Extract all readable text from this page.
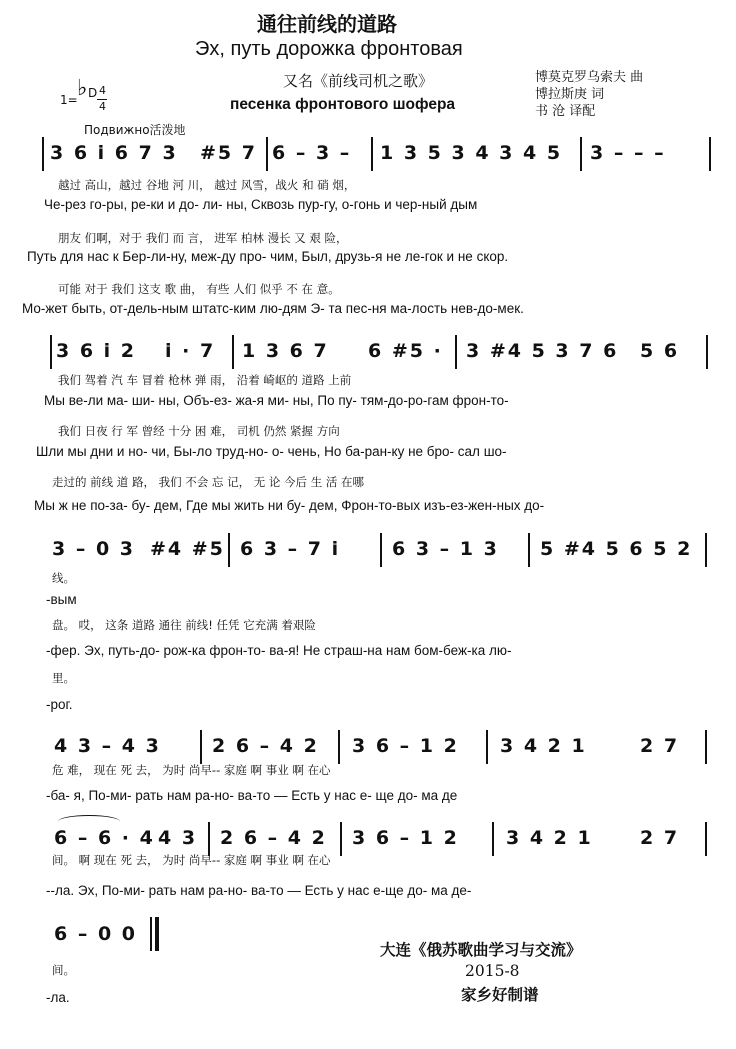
通往前线的道路
Эх, путь дорожка фронтовая
又名《前线司机之歌》
песенка фронтового шофера
博莫克罗乌索夫 曲
博拉斯庚 词
书 沧 译配
1= ♭ D 4
4
Подвижно活泼地
3 6 i 6 7 3 #5 7 6 – 3 – 1 3 5 3 4 3 4 5 3 – – –
越过 高山，越过 谷地 河 川， 越过 风雪，战火 和 硝 烟，
Че-рез го-ры, ре-ки и до- ли- ны, Сквозь пур-гу, о-гонь и чер-ный дым
朋友 们啊，对于 我们 而 言， 进军 柏林 漫长 又 艰 险，
Путь для нас к Бер-ли-ну, меж-ду про- чим, Был, друзь-я не ле-гок и не скор.
可能 对于 我们 这支 歌 曲， 有些 人们 似乎 不 在 意。
Мо-жет быть, от-дель-ным штатс-ким лю-дям Э- та пес-ня ма-лость нев-до-мек.
3 6 i 2 i · 7 1 3 6 7 6 #5 · 3 #4 5 3 7 6 5 6
我们 驾着 汽 车 冒着 枪林 弹 雨， 沿着 崎岖的 道路 上前
Мы ве-ли ма- ши- ны, Объ-ез- жа-я ми- ны, По пу- тям-до-ро-гам фрон-то-
我们 日夜 行 军 曾经 十分 困 难， 司机 仍然 紧握 方向
Шли мы дни и но- чи, Бы-ло трyд-но- о- чень, Но ба-ран-ку не бро- сал шо-
走过的 前线 道 路， 我们 不会 忘 记， 无 论 今后 生 活 在哪
Мы ж не по-за- бу- дем, Где мы жить ни бу- дем, Фрон-то-вых изъ-ез-жен-ных до-
3 – 0 3 #4 #5 6 3 – 7 i	6 3 – 1 3 5 #4 5 6 5 2
线。
-вым
盘。 哎， 这条 道路 通往 前线! 任凭 它充满 着艰险
-фер. Эх, путь-до- рож-ка фрон-то- ва-я! Не страш-на нам бом-беж-ка лю-
里。
-рог.
4 3 – 4 3	2 6 – 4 2 3 6 – 1 2 3 4 2 1	2 7
危 难， 现在 死 去， 为时 尚早-- 家庭 啊 事业 啊 在心
-ба- я, По-ми- рать нам ра-но- ва-то — Есть у нас е- ще до- ма де
6 – 6 · 4 4 3 2 6 – 4 2 3 6 – 1 2 3 4 2 1 2 7
间。 啊 现在 死 去， 为时 尚早-- 家庭 啊 事业 啊 在心
--ла. Эх, По-ми- рать нам ра-но- ва-то — Есть у нас е-ще до- ма де-
6 – 0 0
间。
-ла.
大连《俄苏歌曲学习与交流》
2015-8
家乡好制谱
